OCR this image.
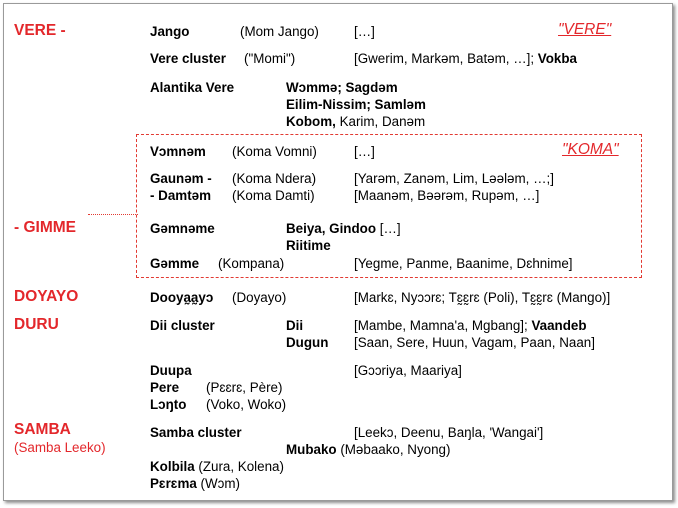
VERE -
- GIMME
DOYAYO
DURU
SAMBA
(Samba Leeko)
"VERE"
"KOMA"
Jango	(Mom Jango)	[…]
Vere cluster ("Momi")	[Gwerim, Markəm, Batəm, …]; Vokba
Alantika Vere	Wɔmmə; Sagdəm
Eilim-Nissim; Samləm
Kobom, Karim, Danəm
Vɔmnəm (Koma Vomni)	[…]
Gaunəm - (Koma Ndera)	[Yarəm, Zanəm, Lim, Ləələm, …;]
- Damtəm (Koma Damti)	[Maanəm, Bəərəm, Rupəm, …]
Gəmnəme	Beiya, Gindoo […]
Riitime
Gəmme (Kompana)	[Yegme, Panme, Baanime, Dɛhnime]
Dooya̰a̰yɔ (Doyayo)	[Markɛ, Nyɔɔrɛ; Tɛ̰ɛ̰rɛ (Poli), Tɛ̰ɛ̰rɛ (Mango)]
Dii cluster	Dii	[Mambe, Mamna'a, Mgbang]; Vaandeb
Dugun [Saan, Sere, Huun, Vagam, Paan, Naan]
Duupa	[Gɔɔriya, Maariya]
Pere (Pɛɛrɛ, Père)
Lɔŋto (Voko, Woko)
Samba cluster	[Leekɔ, Deenu, Baŋla, 'Wangai']
Mubako (Məbaako, Nyong)
Kolbila (Zura, Kolena)
Pɛrɛma (Wɔm)
